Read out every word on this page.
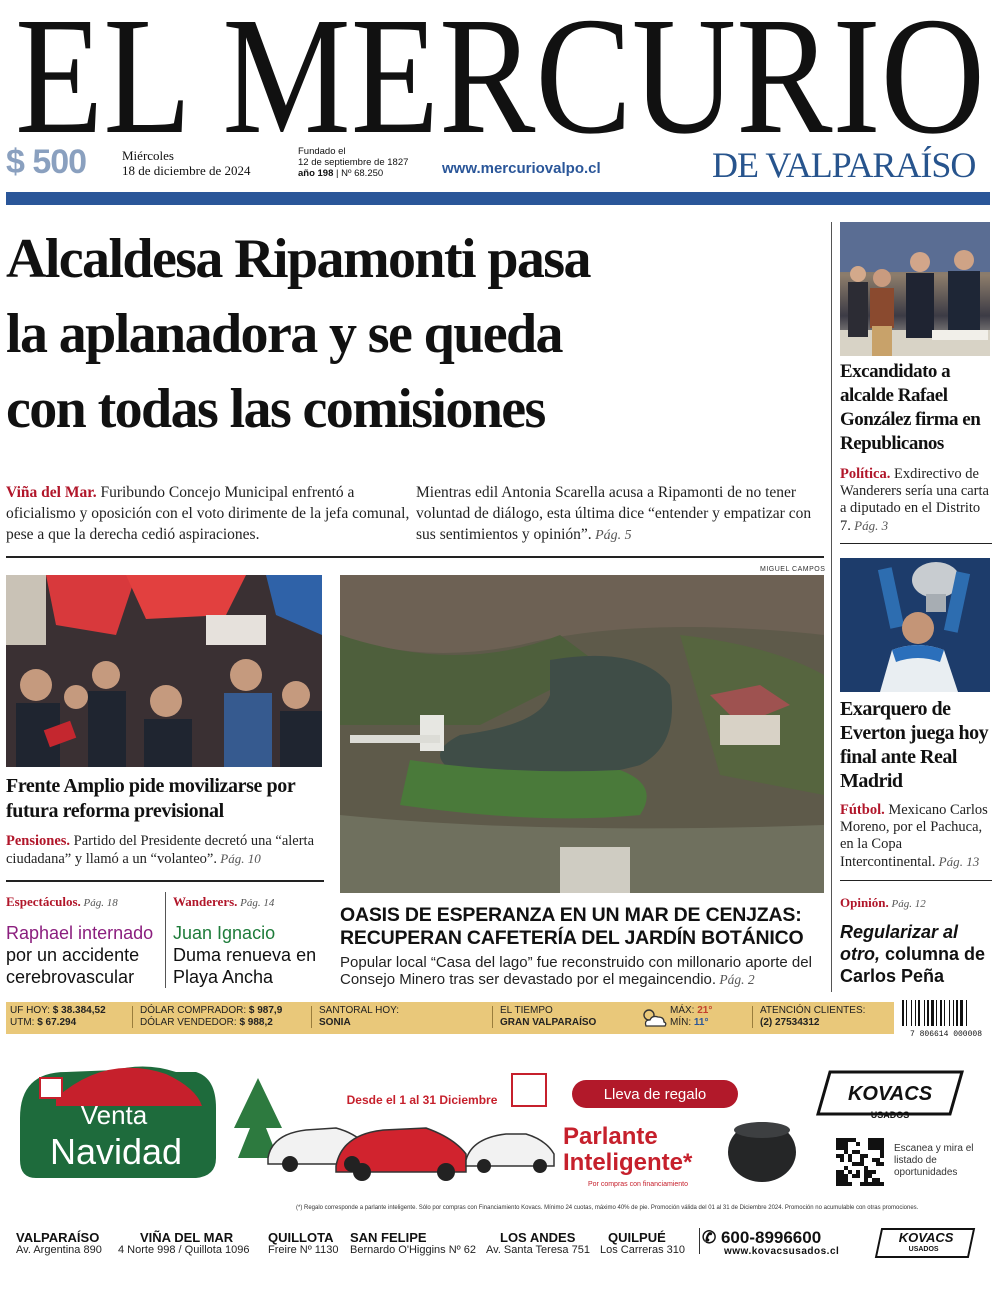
EL MERCURIO
$ 500	Miércoles
18 de diciembre de 2024
Fundado el
12 de septiembre de 1827
año 198 | Nº 68.250	www.mercuriovalpo.cl	DE VALPARAÍSO
Alcaldesa Ripamonti pasa
la aplanadora y se queda
con todas las comisiones
Viña del Mar. Furibundo Concejo Municipal enfrentó a oficialismo y oposición con el voto dirimente de la jefa comunal, pese a que la derecha cedió aspiraciones.
Mientras edil Antonia Scarella acusa a Ripamonti de no tener voluntad de diálogo, esta última dice “entender y empatizar con sus sentimientos y opinión”. Pág. 5
Excandidato a alcalde Rafael González firma en Republicanos
Política. Exdirectivo de Wanderers sería una carta a diputado en el Distrito 7. Pág. 3
Exarquero de Everton juega hoy final ante Real Madrid
Fútbol. Mexicano Carlos Moreno, por el Pachuca, en la Copa Intercontinental. Pág. 13
Opinión. Pág. 12
Regularizar al otro, columna de Carlos Peña
Frente Amplio pide movilizarse por futura reforma previsional
Pensiones. Partido del Presidente decretó una “alerta ciudadana” y llamó a un “volanteo”. Pág. 10
Espectáculos. Pág. 18
Raphael internado por un accidente cerebrovascular
Wanderers. Pág. 14
Juan Ignacio Duma renueva en Playa Ancha
MIGUEL CAMPOS
OASIS DE ESPERANZA EN UN MAR DE CENJZAS: RECUPERAN CAFETERÍA DEL JARDÍN BOTÁNICO
Popular local “Casa del lago” fue reconstruido con millonario aporte del Consejo Minero tras ser devastado por el megaincendio. Pág. 2
UF HOY: $ 38.384,52
UTM: $ 67.294
DÓLAR COMPRADOR: $ 987,9
DÓLAR VENDEDOR: $ 988,2
SANTORAL HOY:
SONIA
EL TIEMPO
GRAN VALPARAÍSO
MÁX: 21°
MÍN: 11°
ATENCIÓN CLIENTES:
(2) 27534312
7 806614 000008
Venta
Navidad
Desde el 1 al 31 Diciembre	Lleva de regalo
Parlante
Inteligente*
Por compras con financiamiento
KOVACS
USADOS
Escanea y mira el listado de oportunidades
(*) Regalo corresponde a parlante inteligente. Sólo por compras con Financiamiento Kovacs. Mínimo 24 cuotas, máximo 40% de pie. Promoción válida del 01 al 31 de Diciembre 2024. Promoción no acumulable con otras promociones.
✆ 600-8996600
www.kovacsusados.cl
KOVACS
USADOS
VALPARAÍSO
Av. Argentina 890
VIÑA DEL MAR
4 Norte 998 / Quillota 1096
QUILLOTA
Freire Nº 1130
SAN FELIPE
Bernardo O'Higgins Nº 62
LOS ANDES
Av. Santa Teresa 751
QUILPUÉ
Los Carreras 310
